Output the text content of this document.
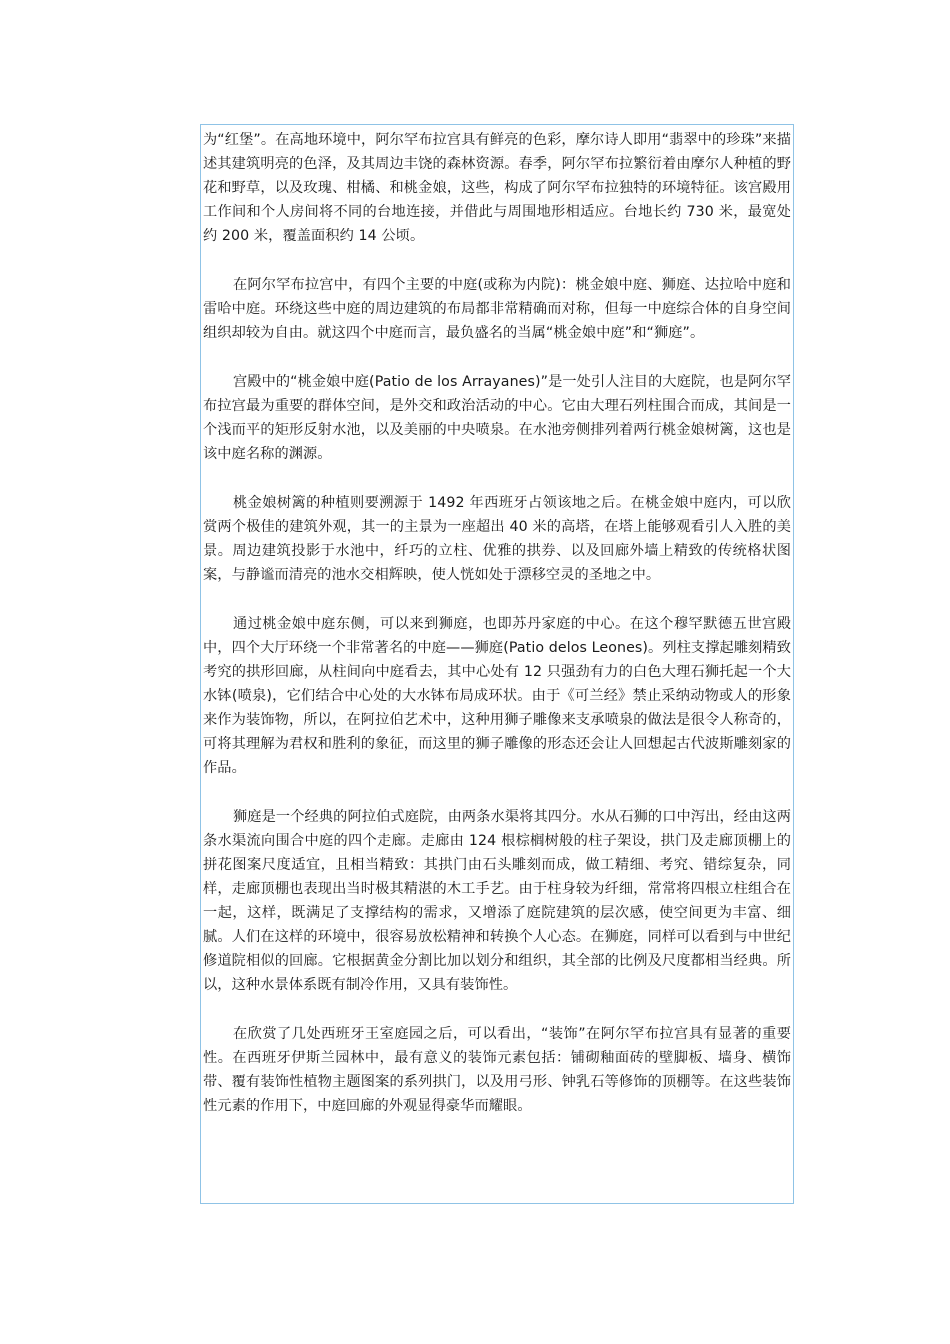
为“红堡”。在高地环境中，阿尔罕布拉宫具有鲜亮的色彩，摩尔诗人即用“翡翠中的珍珠”来描述其建筑明亮的色泽，及其周边丰饶的森林资源。春季，阿尔罕布拉繁衍着由摩尔人种植的野花和野草，以及玫瑰、柑橘、和桃金娘，这些，构成了阿尔罕布拉独特的环境特征。该宫殿用工作间和个人房间将不同的台地连接，并借此与周围地形相适应。台地长约 730 米，最宽处约 200 米，覆盖面积约 14 公顷。

在阿尔罕布拉宫中，有四个主要的中庭(或称为内院)：桃金娘中庭、狮庭、达拉哈中庭和雷哈中庭。环绕这些中庭的周边建筑的布局都非常精确而对称，但每一中庭综合体的自身空间组织却较为自由。就这四个中庭而言，最负盛名的当属“桃金娘中庭”和“狮庭”。

宫殿中的“桃金娘中庭(Patio de los Arrayanes)”是一处引人注目的大庭院，也是阿尔罕布拉宫最为重要的群体空间，是外交和政治活动的中心。它由大理石列柱围合而成，其间是一个浅而平的矩形反射水池，以及美丽的中央喷泉。在水池旁侧排列着两行桃金娘树篱，这也是该中庭名称的渊源。

桃金娘树篱的种植则要溯源于 1492 年西班牙占领该地之后。在桃金娘中庭内，可以欣赏两个极佳的建筑外观，其一的主景为一座超出 40 米的高塔，在塔上能够观看引人入胜的美景。周边建筑投影于水池中，纤巧的立柱、优雅的拱券、以及回廊外墙上精致的传统格状图案，与静谧而清亮的池水交相辉映，使人恍如处于漂移空灵的圣地之中。

通过桃金娘中庭东侧，可以来到狮庭，也即苏丹家庭的中心。在这个穆罕默德五世宫殿中，四个大厅环绕一个非常著名的中庭——狮庭(Patio delos Leones)。列柱支撑起雕刻精致考究的拱形回廊，从柱间向中庭看去，其中心处有 12 只强劲有力的白色大理石狮托起一个大水钵(喷泉)，它们结合中心处的大水钵布局成环状。由于《可兰经》禁止采纳动物或人的形象来作为装饰物，所以，在阿拉伯艺术中，这种用狮子雕像来支承喷泉的做法是很令人称奇的，可将其理解为君权和胜利的象征，而这里的狮子雕像的形态还会让人回想起古代波斯雕刻家的作品。

狮庭是一个经典的阿拉伯式庭院，由两条水渠将其四分。水从石狮的口中泻出，经由这两条水渠流向围合中庭的四个走廊。走廊由 124 根棕榈树般的柱子架设，拱门及走廊顶棚上的拼花图案尺度适宜，且相当精致：其拱门由石头雕刻而成，做工精细、考究、错综复杂，同样，走廊顶棚也表现出当时极其精湛的木工手艺。由于柱身较为纤细，常常将四根立柱组合在一起，这样，既满足了支撑结构的需求，又增添了庭院建筑的层次感，使空间更为丰富、细腻。人们在这样的环境中，很容易放松精神和转换个人心态。在狮庭，同样可以看到与中世纪修道院相似的回廊。它根据黄金分割比加以划分和组织，其全部的比例及尺度都相当经典。所以，这种水景体系既有制冷作用，又具有装饰性。

在欣赏了几处西班牙王室庭园之后，可以看出，“装饰”在阿尔罕布拉宫具有显著的重要性。在西班牙伊斯兰园林中，最有意义的装饰元素包括：铺砌釉面砖的壁脚板、墙身、横饰带、覆有装饰性植物主题图案的系列拱门，以及用弓形、钟乳石等修饰的顶棚等。在这些装饰性元素的作用下，中庭回廊的外观显得豪华而耀眼。
